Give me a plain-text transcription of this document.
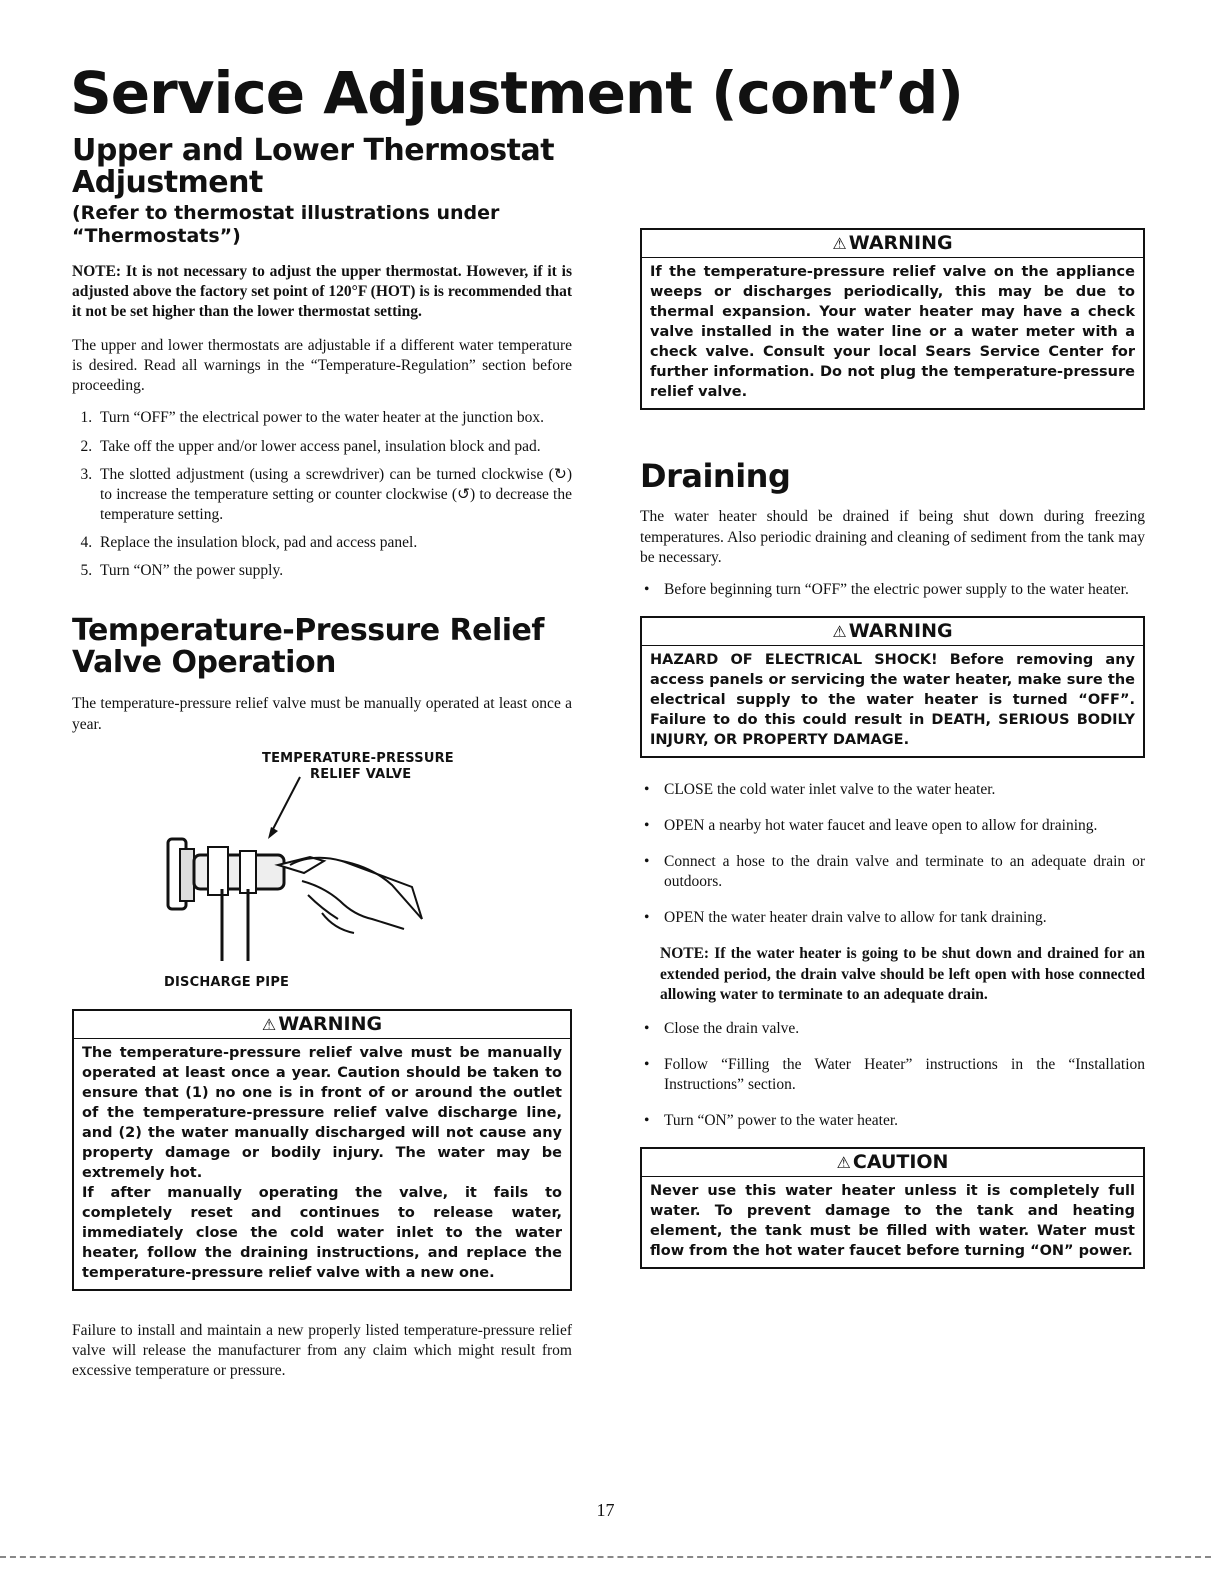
Service Adjustment (cont’d)
Upper and Lower Thermostat Adjustment
(Refer to thermostat illustrations under “Thermostats”)

NOTE: It is not necessary to adjust the upper thermostat. However, if it is adjusted above the factory set point of 120°F (HOT) is is recommended that it not be set higher than the lower thermostat setting.

The upper and lower thermostats are adjustable if a different water temperature is desired. Read all warnings in the “Temperature-Regulation” section before proceeding.

1. Turn “OFF” the electrical power to the water heater at the junction box.
2. Take off the upper and/or lower access panel, insulation block and pad.
3. The slotted adjustment (using a screwdriver) can be turned clockwise (↻) to increase the temperature setting or counter clockwise (↺) to decrease the temperature setting.
4. Replace the insulation block, pad and access panel.
5. Turn “ON” the power supply.
Temperature-Pressure Relief Valve Operation

The temperature-pressure relief valve must be manually operated at least once a year.

TEMPERATURE-PRESSURE
RELIEF VALVE
DISCHARGE PIPE
⚠ WARNING

The temperature-pressure relief valve must be manually operated at least once a year. Caution should be taken to ensure that (1) no one is in front of or around the outlet of the temperature-pressure relief valve discharge line, and (2) the water manually discharged will not cause any property damage or bodily injury. The water may be extremely hot.

If after manually operating the valve, it fails to completely reset and continues to release water, immediately close the cold water inlet to the water heater, follow the draining instructions, and replace the temperature-pressure relief valve with a new one.

Failure to install and maintain a new properly listed temperature-pressure relief valve will release the manufacturer from any claim which might result from excessive temperature or pressure.

⚠ WARNING

If the temperature-pressure relief valve on the appliance weeps or discharges periodically, this may be due to thermal expansion. Your water heater may have a check valve installed in the water line or a water meter with a check valve. Consult your local Sears Service Center for further information. Do not plug the temperature-pressure relief valve.

Draining

The water heater should be drained if being shut down during freezing temperatures. Also periodic draining and cleaning of sediment from the tank may be necessary.

• Before beginning turn “OFF” the electric power supply to the water heater.
⚠ WARNING

HAZARD OF ELECTRICAL SHOCK! Before removing any access panels or servicing the water heater, make sure the electrical supply to the water heater is turned “OFF”. Failure to do this could result in DEATH, SERIOUS BODILY INJURY, OR PROPERTY DAMAGE.

• CLOSE the cold water inlet valve to the water heater.
• OPEN a nearby hot water faucet and leave open to allow for draining.
• Connect a hose to the drain valve and terminate to an adequate drain or outdoors.
• OPEN the water heater drain valve to allow for tank draining.

NOTE: If the water heater is going to be shut down and drained for an extended period, the drain valve should be left open with hose connected allowing water to terminate to an adequate drain.

• Close the drain valve.
• Follow “Filling the Water Heater” instructions in the “Installation Instructions” section.
• Turn “ON” power to the water heater.
⚠ CAUTION

Never use this water heater unless it is completely full water. To prevent damage to the tank and heating element, the tank must be filled with water. Water must flow from the hot water faucet before turning “ON” power.

17
